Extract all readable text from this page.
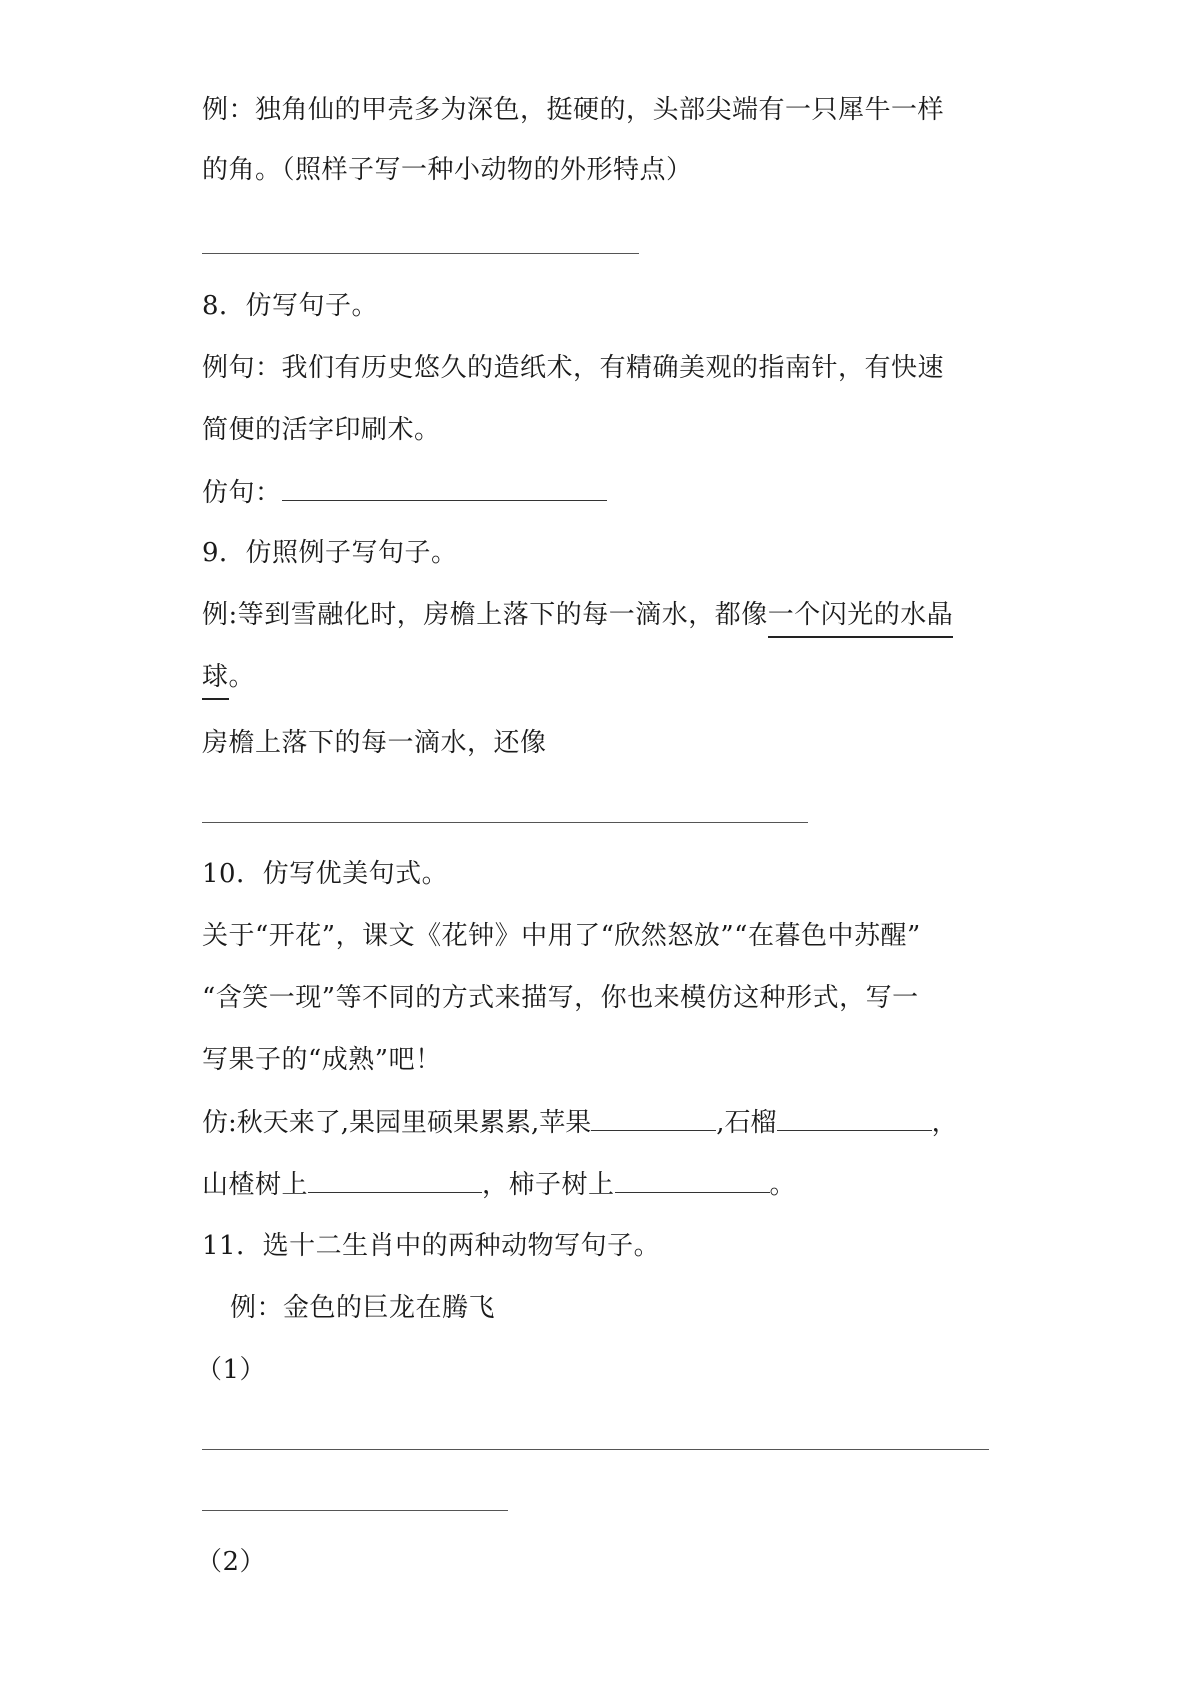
例：独角仙的甲壳多为深色，挺硬的，头部尖端有一只犀牛一样
的角。（照样子写一种小动物的外形特点）
8．仿写句子。
例句：我们有历史悠久的造纸术，有精确美观的指南针，有快速
简便的活字印刷术。
仿句：
9．仿照例子写句子。
例:等到雪融化时，房檐上落下的每一滴水，都像一个闪光的水晶
球。
房檐上落下的每一滴水，还像
10．仿写优美句式。
关于“开花”，课文《花钟》中用了“欣然怒放”“在暮色中苏醒”
“含笑一现”等不同的方式来描写，你也来模仿这种形式，写一
写果子的“成熟”吧！
仿:秋天来了,果园里硕果累累,苹果	,石榴	，
山楂树上	，柿子树上	。
11．选十二生肖中的两种动物写句子。
例：金色的巨龙在腾飞
（1）
（2）
